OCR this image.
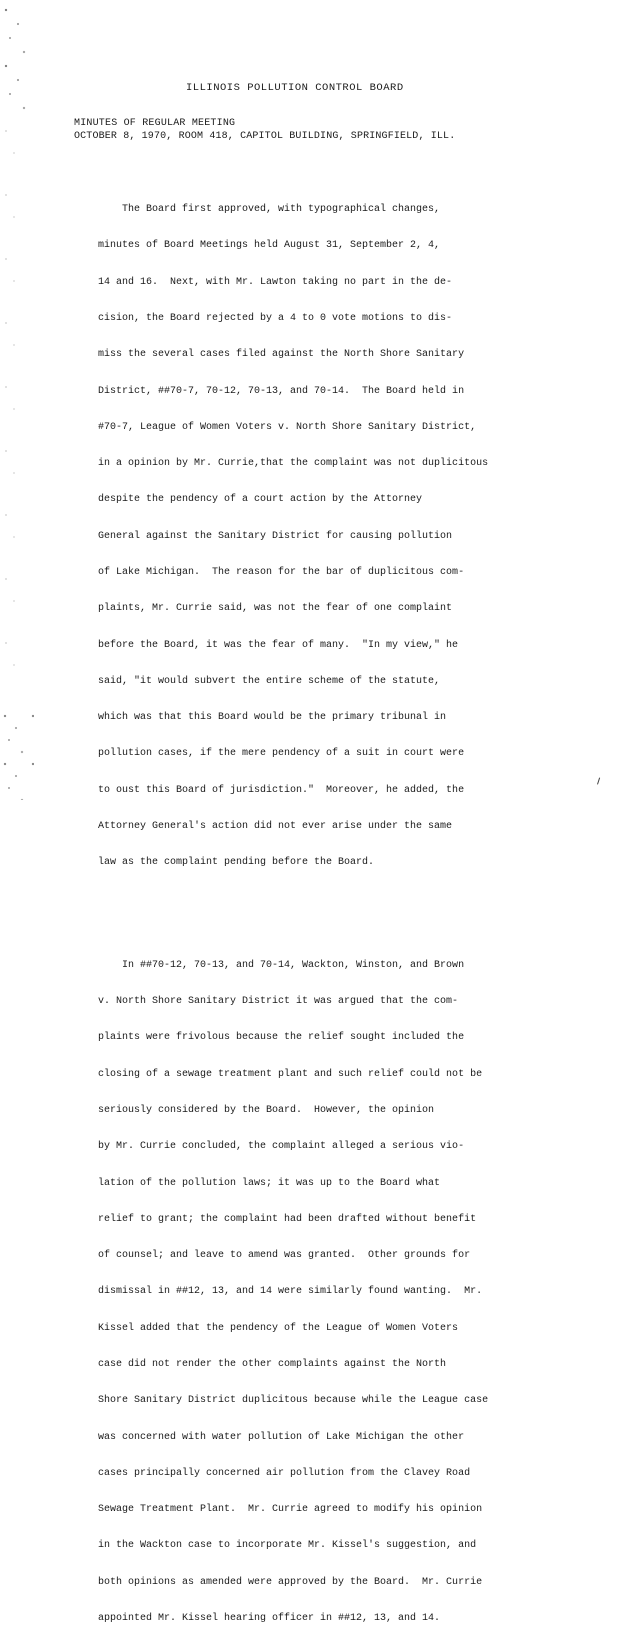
ILLINOIS POLLUTION CONTROL BOARD
MINUTES OF REGULAR MEETING
OCTOBER 8, 1970, ROOM 418, CAPITOL BUILDING, SPRINGFIELD, ILL.

The Board first approved, with typographical changes,

minutes of Board Meetings held August 31, September 2, 4,

14 and 16.  Next, with Mr. Lawton taking no part in the de-

cision, the Board rejected by a 4 to 0 vote motions to dis-

miss the several cases filed against the North Shore Sanitary

District, ##70-7, 70-12, 70-13, and 70-14.  The Board held in

#70-7, League of Women Voters v. North Shore Sanitary District,

in a opinion by Mr. Currie,that the complaint was not duplicitous

despite the pendency of a court action by the Attorney

General against the Sanitary District for causing pollution

of Lake Michigan.  The reason for the bar of duplicitous com-

plaints, Mr. Currie said, was not the fear of one complaint

before the Board, it was the fear of many.  "In my view," he

said, "it would subvert the entire scheme of the statute,

which was that this Board would be the primary tribunal in

pollution cases, if the mere pendency of a suit in court were

to oust this Board of jurisdiction."  Moreover, he added, the

Attorney General's action did not ever arise under the same

law as the complaint pending before the Board.

In ##70-12, 70-13, and 70-14, Wackton, Winston, and Brown

v. North Shore Sanitary District it was argued that the com-

plaints were frivolous because the relief sought included the

closing of a sewage treatment plant and such relief could not be

seriously considered by the Board.  However, the opinion

by Mr. Currie concluded, the complaint alleged a serious vio-

lation of the pollution laws; it was up to the Board what

relief to grant; the complaint had been drafted without benefit

of counsel; and leave to amend was granted.  Other grounds for

dismissal in ##12, 13, and 14 were similarly found wanting.  Mr.

Kissel added that the pendency of the League of Women Voters

case did not render the other complaints against the North

Shore Sanitary District duplicitous because while the League case

was concerned with water pollution of Lake Michigan the other

cases principally concerned air pollution from the Clavey Road

Sewage Treatment Plant.  Mr. Currie agreed to modify his opinion

in the Wackton case to incorporate Mr. Kissel's suggestion, and

both opinions as amended were approved by the Board.  Mr. Currie

appointed Mr. Kissel hearing officer in ##12, 13, and 14.
